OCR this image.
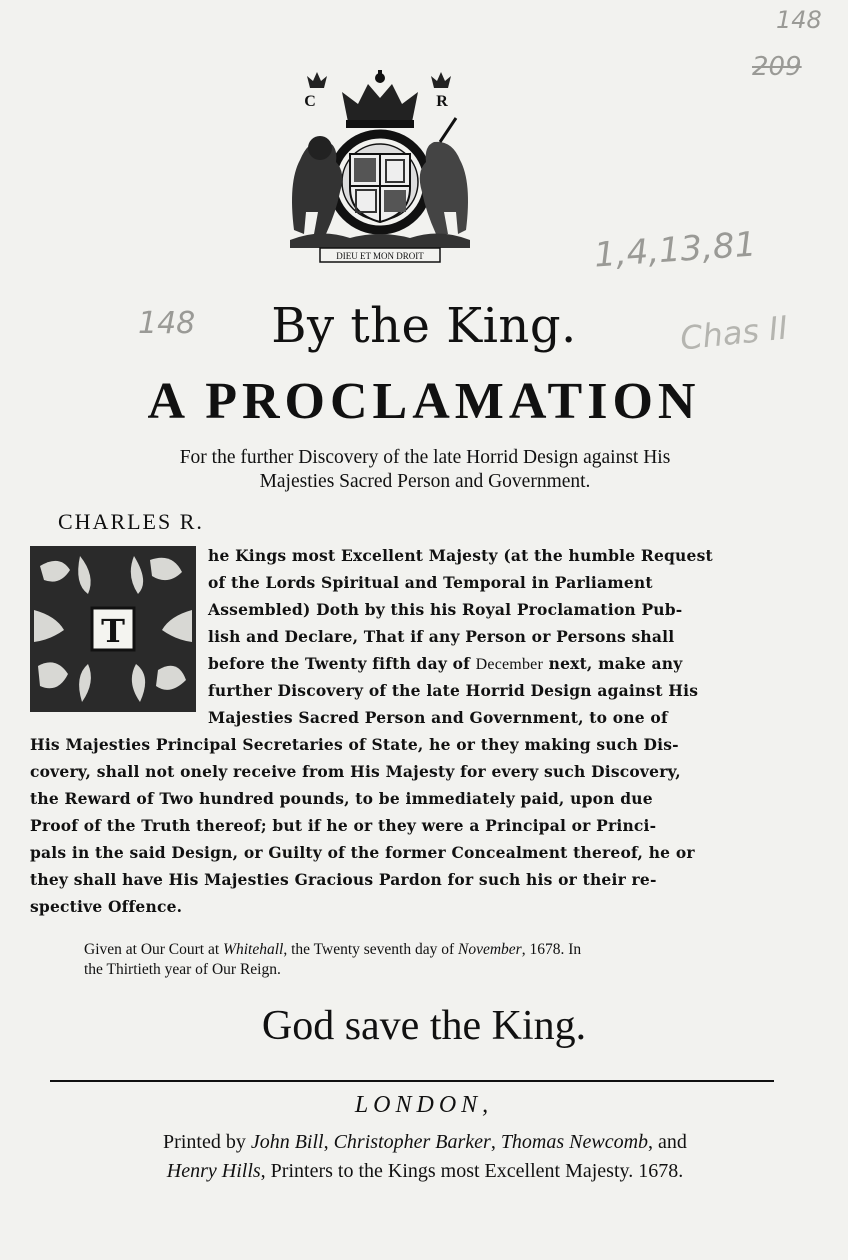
148
209
148
1,4,13,81
Chas II
DIEU ET MON DROIT
C	R
By the King.
A PROCLAMATION
For the further Discovery of the late Horrid Design against His
Majesties Sacred Person and Government.
CHARLES R.
T
he Kings most Excellent Majesty (at the humble Request
of the Lords Spiritual and Temporal in Parliament
Assembled) Doth by this his Royal Proclamation Pub-
lish and Declare, That if any Person or Persons shall
before the Twenty fifth day of December next, make any
further Discovery of the late Horrid Design against His
Majesties Sacred Person and Government, to one of
His Majesties Principal Secretaries of State, he or they making such Dis-
covery, shall not onely receive from His Majesty for every such Discovery,
the Reward of Two hundred pounds, to be immediately paid, upon due
Proof of the Truth thereof; but if he or they were a Principal or Princi-
pals in the said Design, or Guilty of the former Concealment thereof, he or
they shall have His Majesties Gracious Pardon for such his or their re-
spective Offence.
Given at Our Court at Whitehall, the Twenty seventh day of November, 1678. In
the Thirtieth year of Our Reign.
God save the King.
LONDON,
Printed by John Bill, Christopher Barker, Thomas Newcomb, and
Henry Hills, Printers to the Kings most Excellent Majesty. 1678.
